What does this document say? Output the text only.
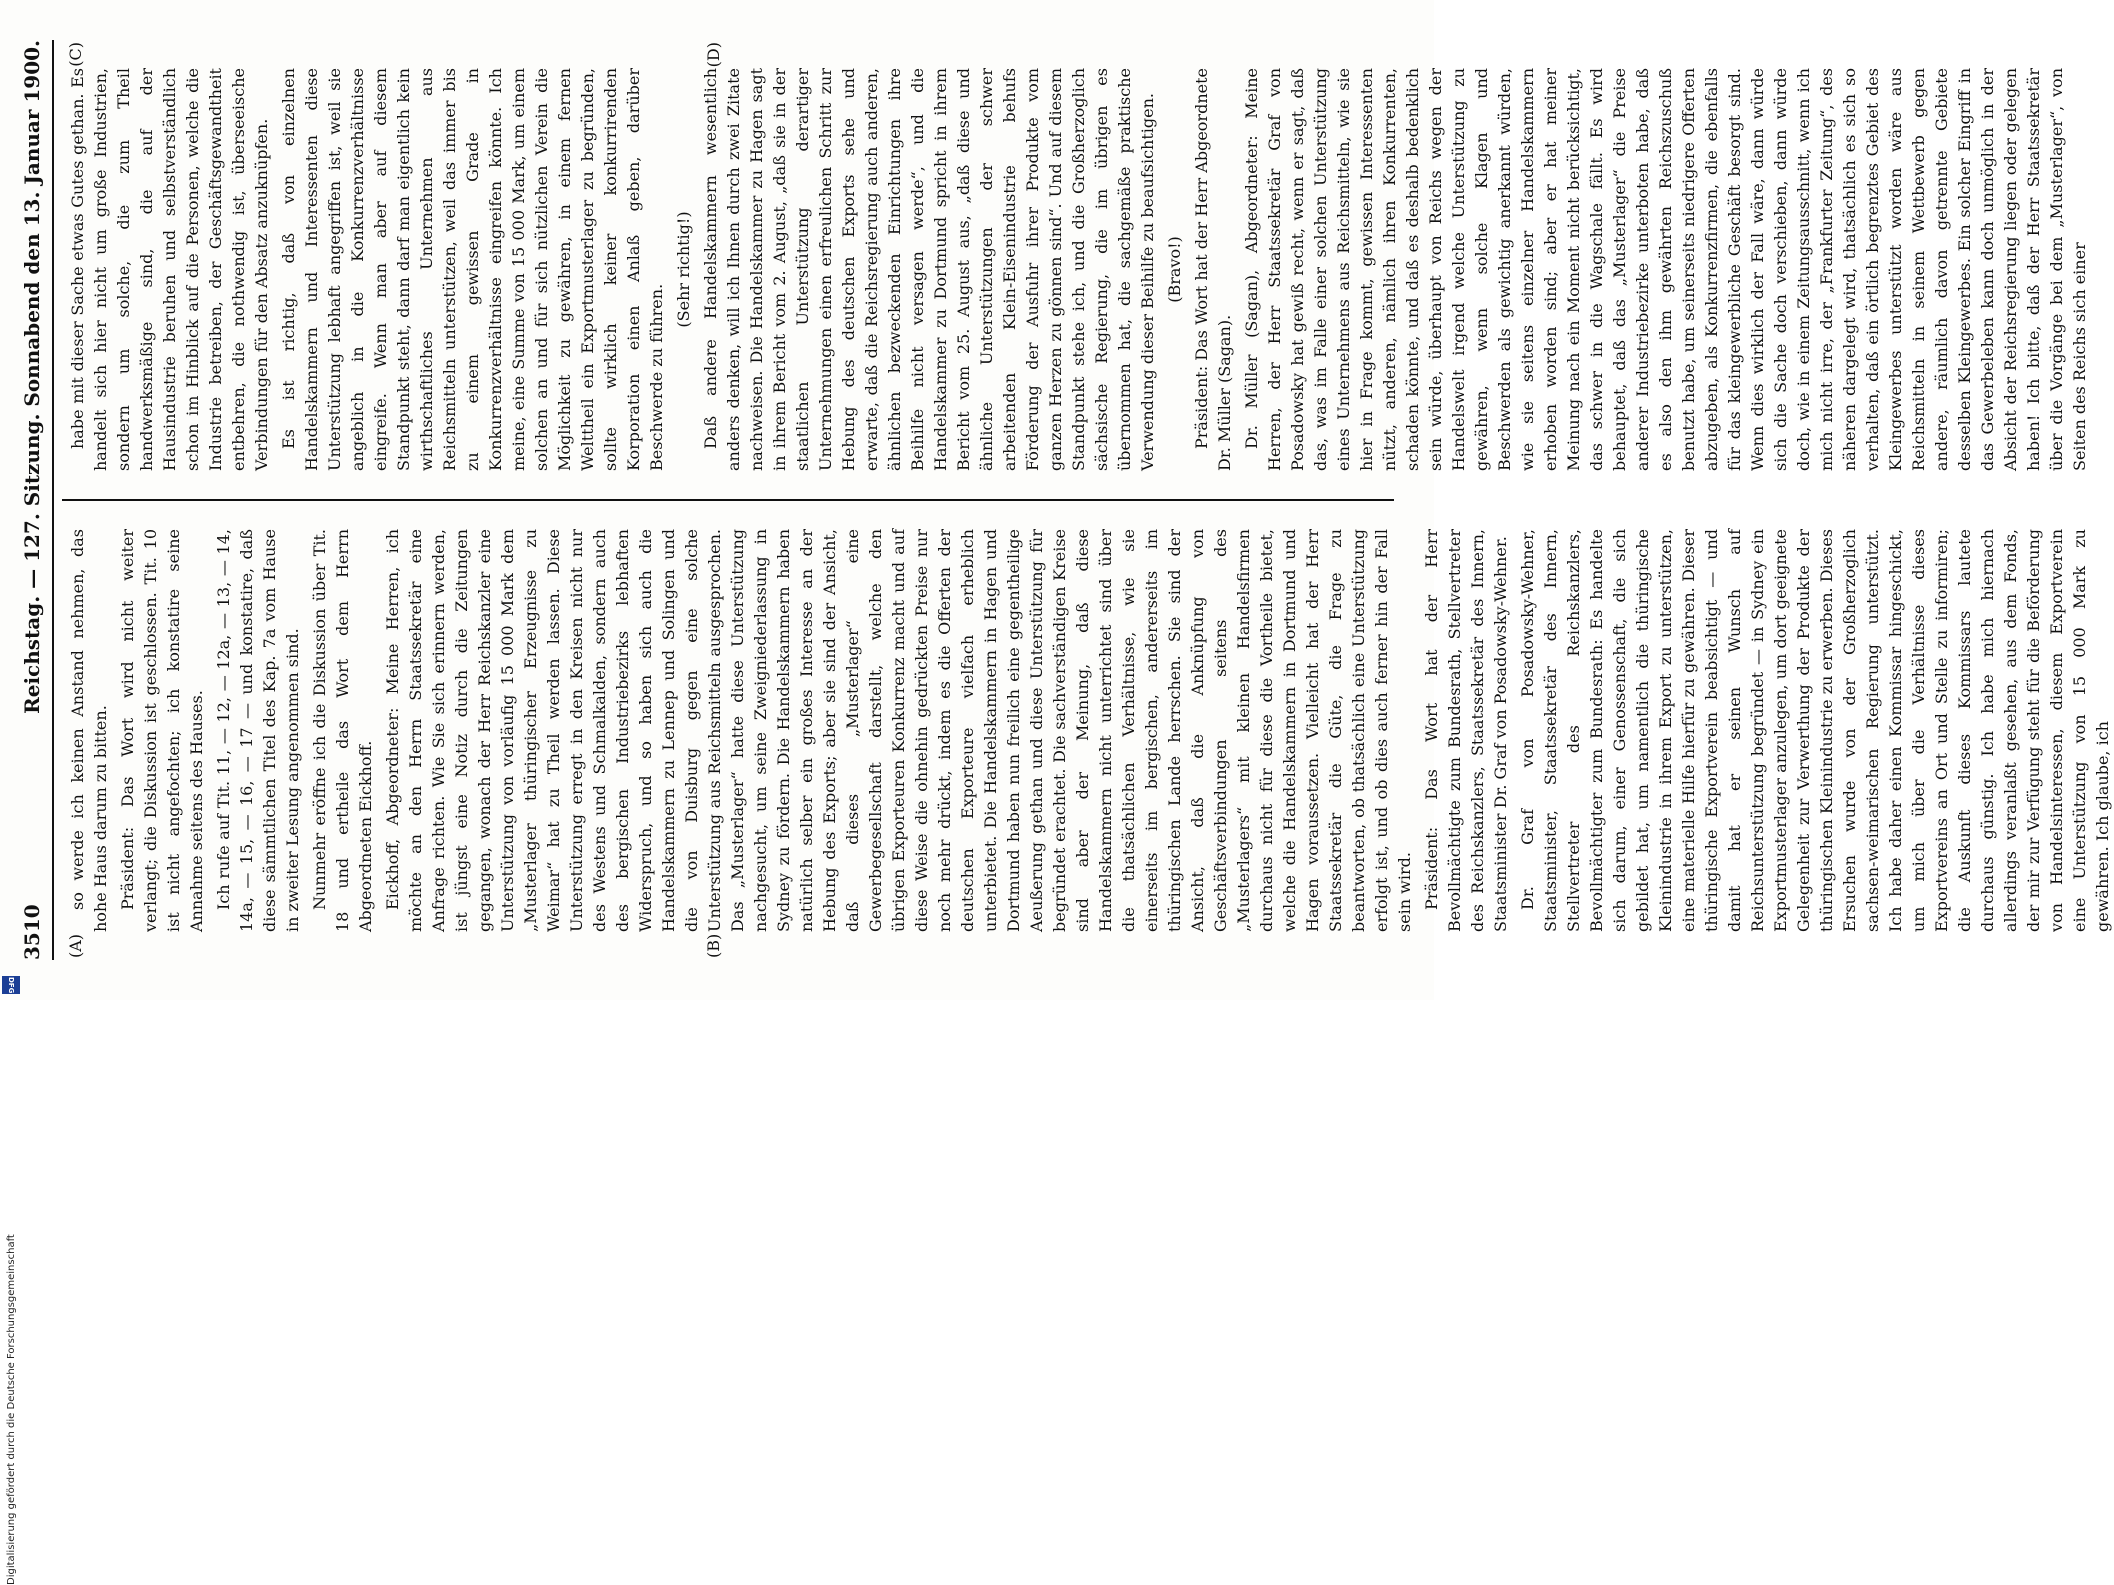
3510
Reichstag. — 127. Sitzung. Sonnabend den 13. Januar 1900.
(A)	(B)

so werde ich keinen Anstand nehmen, das hohe Haus darum zu bitten. Präsident: Das Wort wird nicht weiter verlangt; die Diskussion ist geschlossen. Tit. 10 ist nicht angefochten; ich konstatire seine Annahme seitens des Hauses. Ich rufe auf Tit. 11, — 12, — 12a, — 13, — 14, 14a, — 15, — 16, — 17 — und konstatire, daß diese sämmtlichen Titel des Kap. 7a vom Hause in zweiter Lesung angenommen sind. Nunmehr eröffne ich die Diskussion über Tit. 18 und ertheile das Wort dem Herrn Abgeordneten Eickhoff. Eickhoff, Abgeordneter: Meine Herren, ich möchte an den Herrn Staatssekretär eine Anfrage richten. Wie Sie sich erinnern werden, ist jüngst eine Notiz durch die Zeitungen gegangen, wonach der Herr Reichskanzler eine Unterstützung von vorläufig 15 000 Mark dem „Musterlager thüringischer Erzeugnisse zu Weimar“ hat zu Theil werden lassen. Diese Unterstützung erregt in den Kreisen nicht nur des Westens und Schmalkalden, sondern auch des bergischen Industriebezirks lebhaften Widerspruch, und so haben sich auch die Handelskammern zu Lennep und Solingen und die von Duisburg gegen eine solche Unterstützung aus Reichsmitteln ausgesprochen. Das „Musterlager“ hatte diese Unterstützung nachgesucht, um seine Zweigniederlassung in Sydney zu fördern. Die Handelskammern haben natürlich selber ein großes Interesse an der Hebung des Exports; aber sie sind der Ansicht, daß dieses „Musterlager“ eine Gewerbegesellschaft darstellt, welche den übrigen Exporteuren Konkurrenz macht und auf diese Weise die ohnehin gedrückten Preise nur noch mehr drückt, indem es die Offerten der deutschen Exporteure vielfach erheblich unterbietet. Die Handelskammern in Hagen und Dortmund haben nun freilich eine gegentheilige Aeußerung gethan und diese Unterstützung für begründet erachtet. Die sachverständigen Kreise sind aber der Meinung, daß diese Handelskammern nicht unterrichtet sind über die thatsächlichen Verhältnisse, wie sie einerseits im bergischen, andererseits im thüringischen Lande herrschen. Sie sind der Ansicht, daß die Anknüpfung von Geschäftsverbindungen seitens des „Musterlagers“ mit kleinen Handelsfirmen durchaus nicht für diese die Vortheile bietet, welche die Handelskammern in Dortmund und Hagen voraussetzen. Vielleicht hat der Herr Staatssekretär die Güte, die Frage zu beantworten, ob thatsächlich eine Unterstützung erfolgt ist, und ob dies auch ferner hin der Fall sein wird. Präsident: Das Wort hat der Herr Bevollmächtigte zum Bundesrath, Stellvertreter des Reichskanzlers, Staatssekretär des Innern, Staatsminister Dr. Graf von Posadowsky-Wehner. Dr. Graf von Posadowsky-Wehner, Staatsminister, Staatssekretär des Innern, Stellvertreter des Reichskanzlers, Bevollmächtigter zum Bundesrath: Es handelte sich darum, einer Genossenschaft, die sich gebildet hat, um namentlich die thüringische Kleinindustrie in ihrem Export zu unterstützen, eine materielle Hilfe hierfür zu gewähren. Dieser thüringische Exportverein beabsichtigt — und damit hat er seinen Wunsch auf Reichsunterstützung begründet — in Sydney ein Exportmusterlager anzulegen, um dort geeignete Gelegenheit zur Verwerthung der Produkte der thüringischen Kleinindustrie zu erwerben. Dieses Ersuchen wurde von der Großherzoglich sachsen-weimarischen Regierung unterstützt. Ich habe daher einen Kommissar hingeschickt, um mich über die Verhältnisse dieses Exportvereins an Ort und Stelle zu informiren; die Auskunft dieses Kommissars lautete durchaus günstig. Ich habe mich hiernach allerdings veranlaßt gesehen, aus dem Fonds, der mir zur Verfügung steht für die Beförderung von Handelsinteressen, diesem Exportverein eine Unterstützung von 15 000 Mark zu gewähren. Ich glaube, ich

(C)	(D)

habe mit dieser Sache etwas Gutes gethan. Es handelt sich hier nicht um große Industrien, sondern um solche, die zum Theil handwerksmäßige sind, die auf der Hausindustrie beruhen und selbstverständlich schon im Hinblick auf die Personen, welche die Industrie betreiben, der Geschäftsgewandtheit entbehren, die nothwendig ist, überseeische Verbindungen für den Absatz anzuknüpfen. Es ist richtig, daß von einzelnen Handelskammern und Interessenten diese Unterstützung lebhaft angegriffen ist, weil sie angeblich in die Konkurrenzverhältnisse eingreife. Wenn man aber auf diesem Standpunkt steht, dann darf man eigentlich kein wirthschaftliches Unternehmen aus Reichsmitteln unterstützen, weil das immer bis zu einem gewissen Grade in Konkurrenzverhältnisse eingreifen könnte. Ich meine, eine Summe von 15 000 Mark, um einem solchen an und für sich nützlichen Verein die Möglichkeit zu gewähren, in einem fernen Welttheil ein Exportmusterlager zu begründen, sollte wirklich keiner konkurrirenden Korporation einen Anlaß geben, darüber Beschwerde zu führen.

(Sehr richtig!) Daß andere Handelskammern wesentlich anders denken, will ich Ihnen durch zwei Zitate nachweisen. Die Handelskammer zu Hagen sagt in ihrem Bericht vom 2. August, „daß sie in der staatlichen Unterstützung derartiger Unternehmungen einen erfreulichen Schritt zur Hebung des deutschen Exports sehe und erwarte, daß die Reichsregierung auch anderen, ähnlichen bezweckenden Einrichtungen ihre Beihilfe nicht versagen werde“, und die Handelskammer zu Dortmund spricht in ihrem Bericht vom 25. August aus, „daß diese und ähnliche Unterstützungen der schwer arbeitenden Klein-Eisenindustrie behufs Förderung der Ausfuhr ihrer Produkte vom ganzen Herzen zu gönnen sind“. Und auf diesem Standpunkt stehe ich, und die Großherzoglich sächsische Regierung, die im übrigen es übernommen hat, die sachgemäße praktische Verwendung dieser Beihilfe zu beaufsichtigen. (Bravo!) Präsident: Das Wort hat der Herr Abgeordnete Dr. Müller (Sagan). Dr. Müller (Sagan), Abgeordneter: Meine Herren, der Herr Staatssekretär Graf von Posadowsky hat gewiß recht, wenn er sagt, daß das, was im Falle einer solchen Unterstützung eines Unternehmens aus Reichsmitteln, wie sie hier in Frage kommt, gewissen Interessenten nützt, anderen, nämlich ihren Konkurrenten, schaden könnte, und daß es deshalb bedenklich sein würde, überhaupt von Reichs wegen der Handelswelt irgend welche Unterstützung zu gewähren, wenn solche Klagen und Beschwerden als gewichtig anerkannt würden, wie sie seitens einzelner Handelskammern erhoben worden sind; aber er hat meiner Meinung nach ein Moment nicht berücksichtigt, das schwer in die Wagschale fällt. Es wird behauptet, daß das „Musterlager“ die Preise anderer Industriebezirke unterboten habe, daß es also den ihm gewährten Reichszuschuß benutzt habe, um seinerseits niedrigere Offerten abzugeben, als Konkurrenzfirmen, die ebenfalls für das kleingewerbliche Geschäft besorgt sind. Wenn dies wirklich der Fall wäre, dann würde sich die Sache doch verschieben, dann würde doch, wie in einem Zeitungsausschnitt, wenn ich mich nicht irre, der „Frankfurter Zeitung“, des näheren dargelegt wird, thatsächlich es sich so verhalten, daß ein örtlich begrenztes Gebiet des Kleingewerbes unterstützt worden wäre aus Reichsmitteln in seinem Wettbewerb gegen andere, räumlich davon getrennte Gebiete desselben Kleingewerbes. Ein solcher Eingriff in das Gewerbeleben kann doch unmöglich in der Absicht der Reichsregierung liegen oder gelegen haben! Ich bitte, daß der Herr Staatssekretär über die Vorgänge bei dem „Musterlager“, von Seiten des Reichs sich einer

Digitalisierung gefördert durch die Deutsche Forschungsgemeinschaft
DFG
